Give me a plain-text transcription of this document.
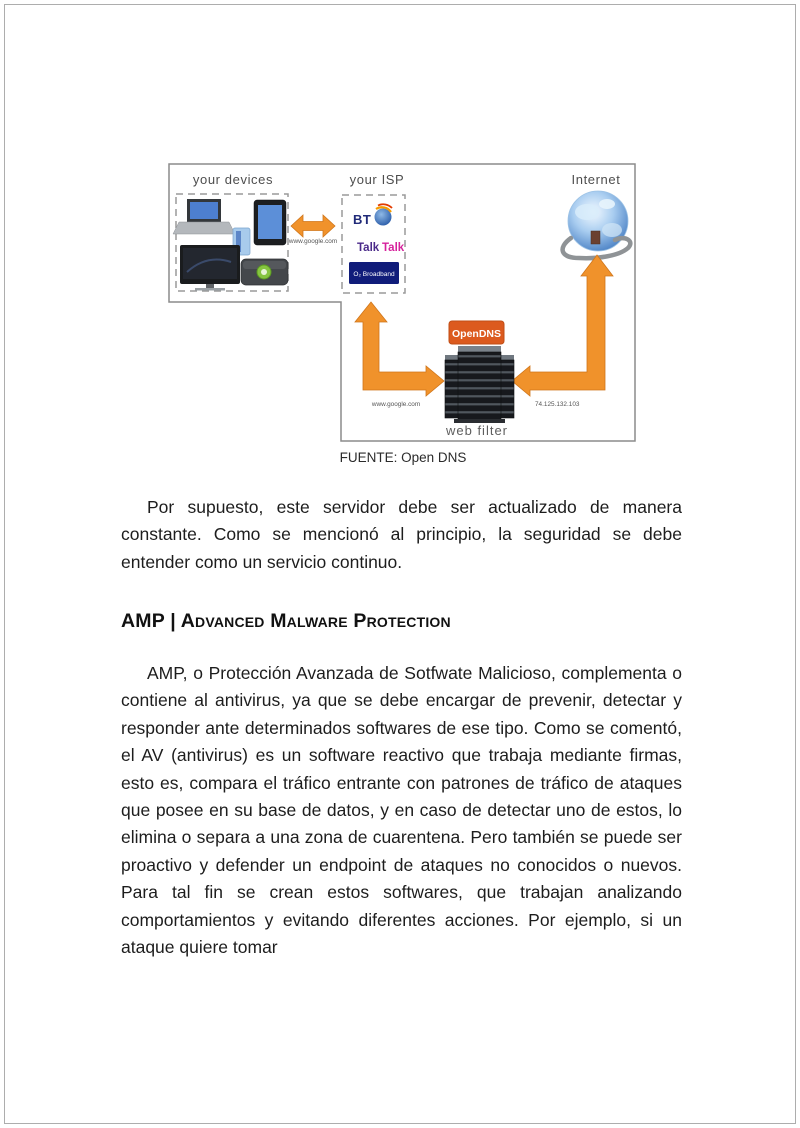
your devices	your ISP	Internet
www.google.com
BT
Talk Talk
O₂ Broadband
www.google.com	74.125.132.103
OpenDNS
web filter
FUENTE: Open DNS

Por supuesto, este servidor debe ser actualizado de manera constante. Como se mencionó al principio, la seguridad se debe entender como un servicio continuo.

AMP | Advanced Malware Protection

AMP, o Protección Avanzada de Sotfwate Malicioso, complementa o contiene al antivirus, ya que se debe encargar de prevenir, detectar y responder ante determinados softwares de ese tipo. Como se comentó, el AV (antivirus) es un software reactivo que trabaja mediante firmas, esto es, compara el tráfico entrante con patrones de tráfico de ataques que posee en su base de datos, y en caso de detectar uno de estos, lo elimina o separa a una zona de cuarentena. Pero también se puede ser proactivo y defender un endpoint de ataques no conocidos o nuevos. Para tal fin se crean estos softwares, que trabajan analizando comportamientos y evitando diferentes acciones. Por ejemplo, si un ataque quiere tomar
